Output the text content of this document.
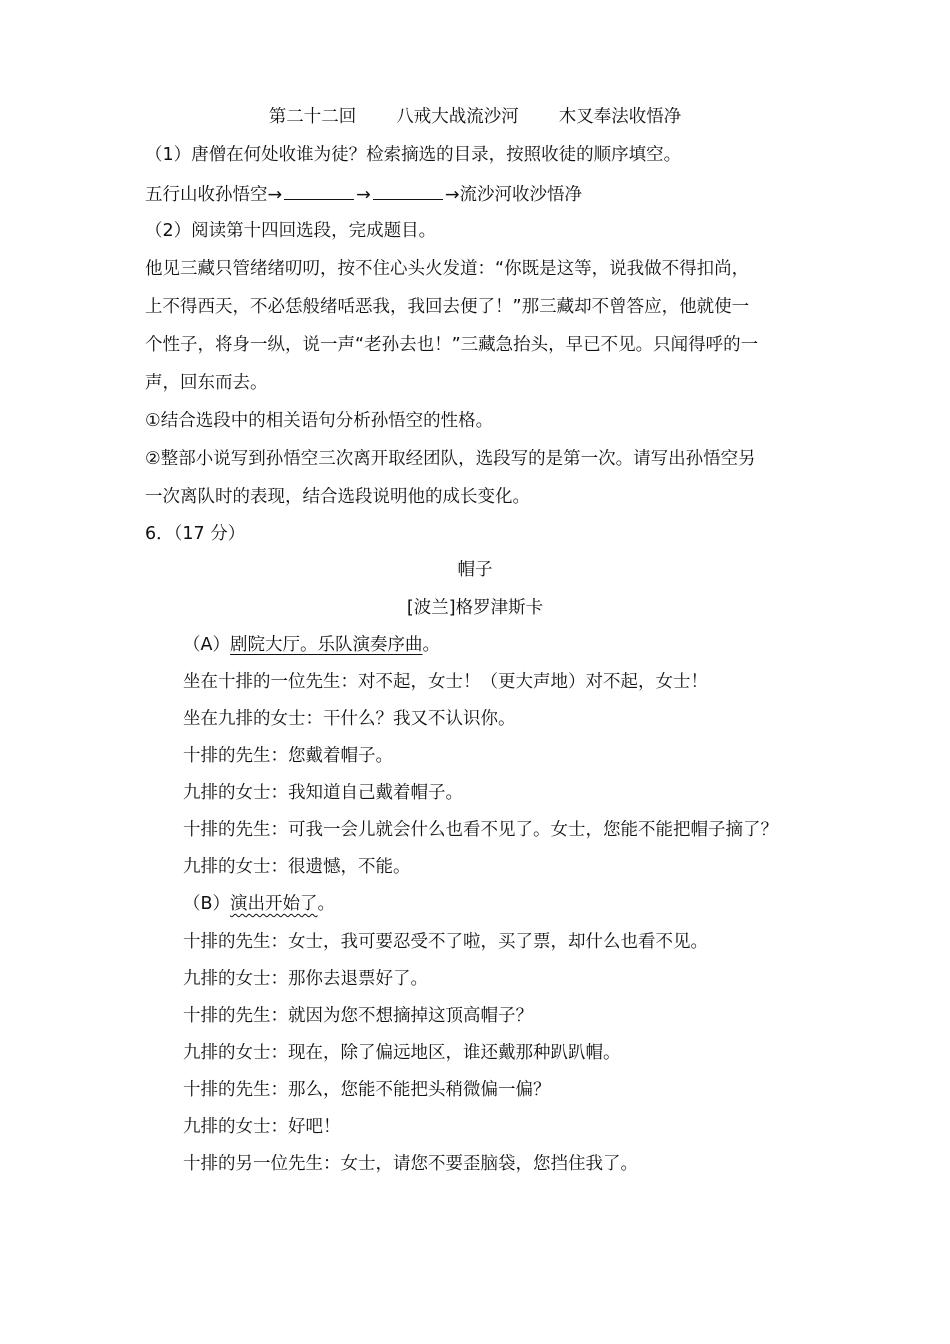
第二十二回 八戒大战流沙河 木叉奉法收悟净
（1）唐僧在何处收谁为徒？检索摘选的目录，按照收徒的顺序填空。
五行山收孙悟空→	→	→流沙河收沙悟净
（2）阅读第十四回选段，完成题目。
他见三藏只管绪绪叨叨，按不住心头火发道：“你既是这等，说我做不得扣尚，
上不得西天，不必恁般绪咶恶我，我回去便了！”那三藏却不曾答应，他就使一
个性子，将身一纵，说一声“老孙去也！”三藏急抬头，早已不见。只闻得呼的一
声，回东而去。
①结合选段中的相关语句分析孙悟空的性格。
②整部小说写到孙悟空三次离开取经团队，选段写的是第一次。请写出孙悟空另
一次离队时的表现，结合选段说明他的成长变化。
6．（17 分）
帽子
[波兰]格罗津斯卡
（A）剧院大厅。乐队演奏序曲。
坐在十排的一位先生：对不起，女士！（更大声地）对不起，女士！
坐在九排的女士：干什么？我又不认识你。
十排的先生：您戴着帽子。
九排的女士：我知道自己戴着帽子。
十排的先生：可我一会儿就会什么也看不见了。女士，您能不能把帽子摘了？
九排的女士：很遗憾，不能。
（B）演出开始了。
十排的先生：女士，我可要忍受不了啦，买了票，却什么也看不见。
九排的女士：那你去退票好了。
十排的先生：就因为您不想摘掉这顶高帽子？
九排的女士：现在，除了偏远地区，谁还戴那种趴趴帽。
十排的先生：那么，您能不能把头稍微偏一偏？
九排的女士：好吧！
十排的另一位先生：女士，请您不要歪脑袋，您挡住我了。
